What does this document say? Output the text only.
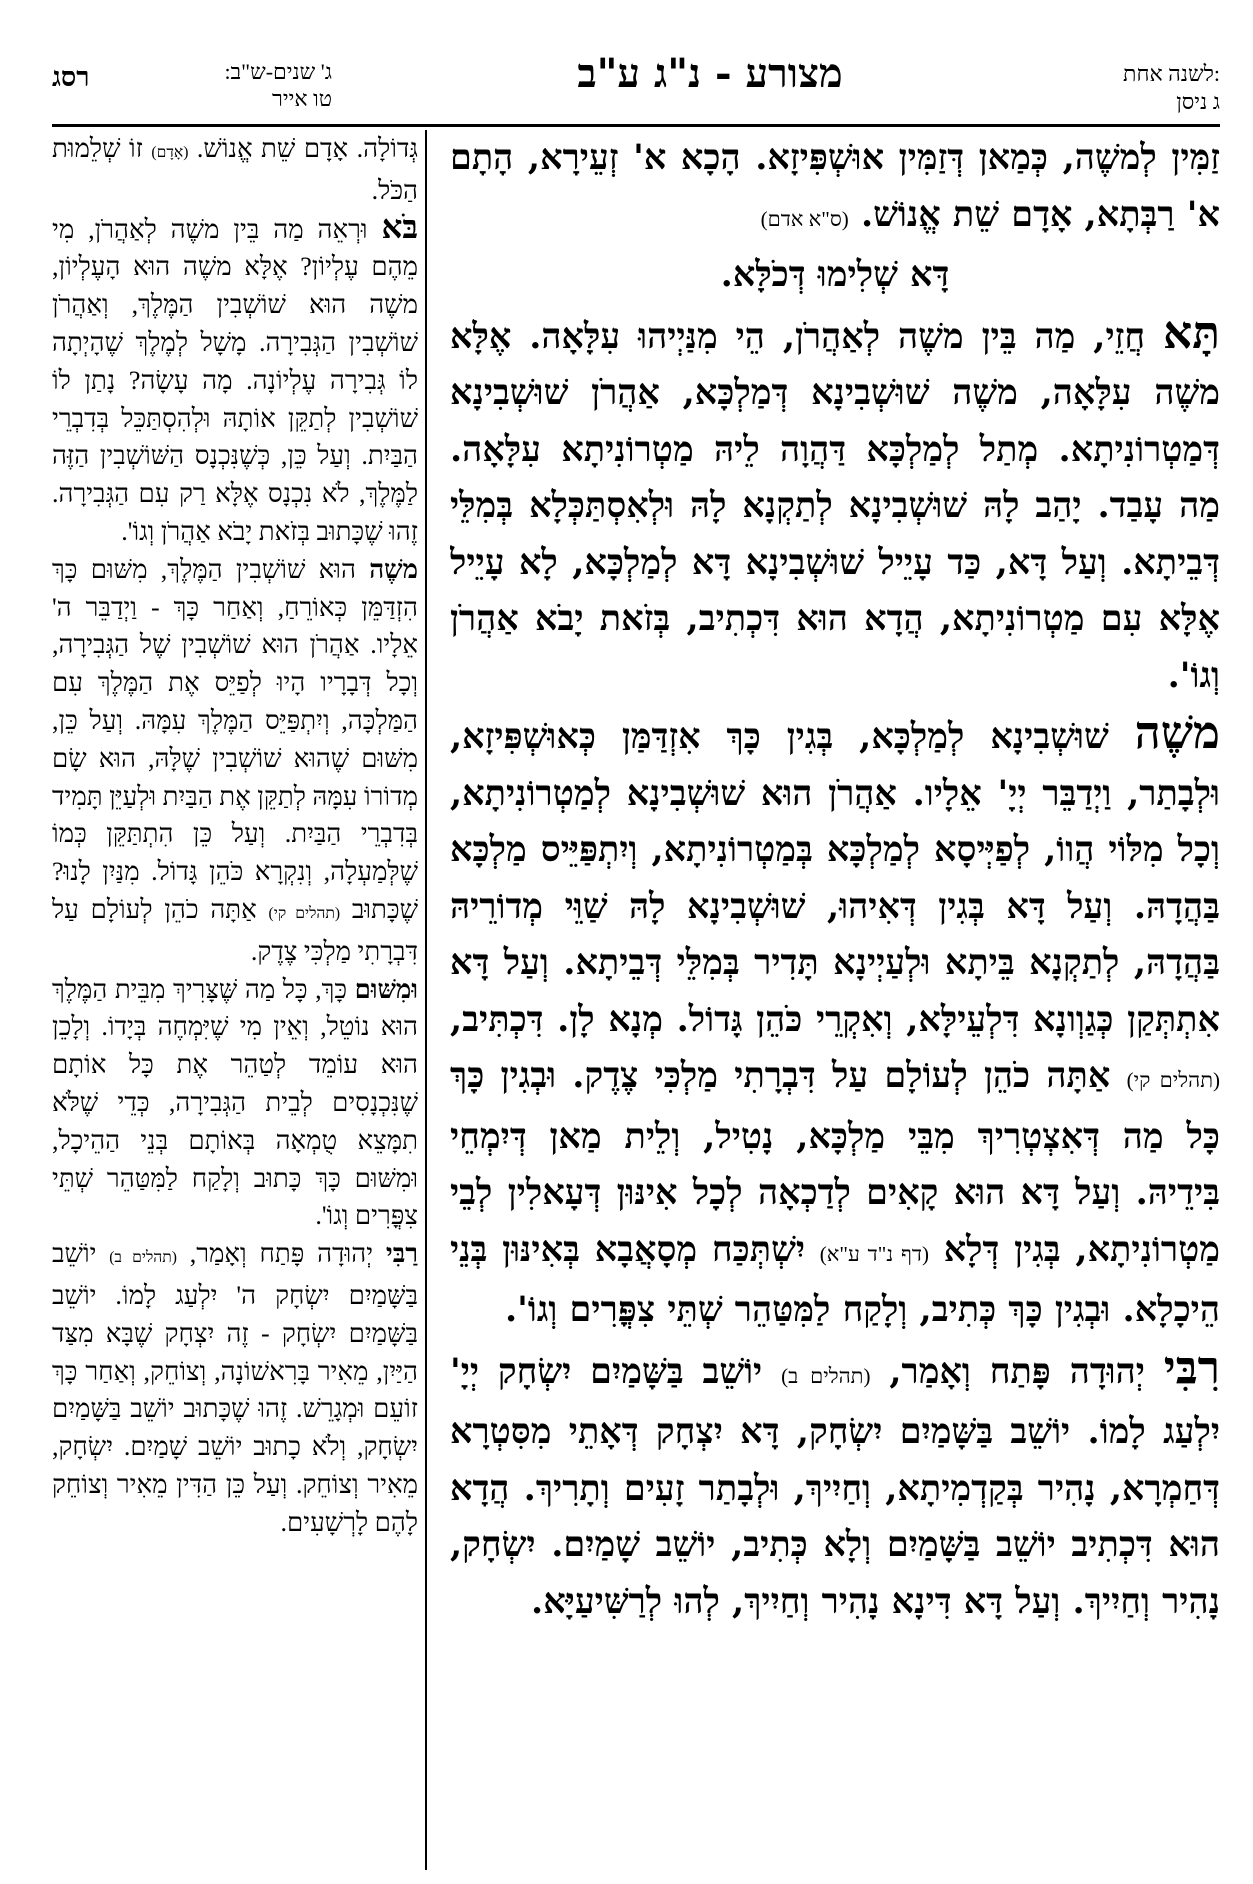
לשנה אחת:
ג ניסן
מצורע - נ"ג ע"ב
ג' שנים-ש"ב:
טו אייר
רסג

זַמִּין לְמשֶׁה, כְּמַאן דְּזַמִּין אוּשְׁפִּיזָא. הָכָא א' זְעֵירָא, הָתָם א' רַבְּתָא, אָדָם שֵׁת אֱנוֹשׁ. (ס"א אדם)

דָּא שְׁלִימוּ דְּכֹלָּא.

תָּא חֲזֵי, מַה בֵּין משֶׁה לְאַהֲרֹן, הֵי מִנַּיְיהוּ עִלָּאָה. אֶלָּא משֶׁה עִלָּאָה, משֶׁה שׁוּשְׁבִינָא דְּמַלְכָּא, אַהֲרֹן שׁוּשְׁבִינָא דְּמַטְרוֹנִיתָא. מְתַל לְמַלְכָּא דַּהֲוָה לֵיהּ מַטְרוֹנִיתָא עִלָּאָה. מַה עָבַד. יָהַב לָהּ שׁוּשְׁבִינָא לְתַקְנָא לָהּ וּלְאִסְתַּכְּלָא בְּמִלֵּי דְּבֵיתָא. וְעַל דָּא, כַּד עָיֵיל שׁוּשְׁבִינָא דָּא לְמַלְכָּא, לָא עָיֵיל אֶלָּא עִם מַטְרוֹנִיתָא, הֲדָא הוּא דִּכְתִיב, בְּזֹאת יָבֹא אַהֲרֹן וְגוֹ'.

משֶׁה שׁוּשְׁבִינָא לְמַלְכָּא, בְּגִין כָּךְ אִזְדַּמַּן כְּאוּשְׁפִּיזָא, וּלְבָתַר, וַיְדַבֵּר יְיָ' אֵלָיו. אַהֲרֹן הוּא שׁוּשְׁבִינָא לְמַטְרוֹנִיתָא, וְכָל מִלּוֹי הֲווֹ, לְפַיְּיסָא לְמַלְכָּא בְּמַטְרוֹנִיתָא, וְיִתְפַּיֵּיס מַלְכָּא בַּהֲדָהּ. וְעַל דָּא בְּגִין דְּאִיהוּ, שׁוּשְׁבִינָא לָהּ שַׁוֵּי מְדוֹרֵיהּ בַּהֲדָהּ, לְתַקְנָא בֵּיתָא וּלְעַיְינָא תָּדִיר בְּמִלֵּי דְּבֵיתָא. וְעַל דָּא אִתְתְּקַן כְּגַוְונָא דִּלְעֵילָּא, וְאִקְרֵי כֹּהֵן גָּדוֹל. מְנָא לָן. דִּכְתִּיב, (תהלים קי) אַתָּה כֹהֵן לְעוֹלָם עַל דִּבְרָתִי מַלְכִּי צֶדֶק. וּבְגִין כָּךְ כָּל מַה דְּאִצְטְרִיךְ מִבֵּי מַלְכָּא, נָטִיל, וְלֵית מַאן דְּיִמְחֵי בִּידֵיהּ. וְעַל דָּא הוּא קָאִים לְדַכְאָה לְכָל אִינּוּן דְּעָאלִין לְבֵי מַטְרוֹנִיתָא, בְּגִין דְּלָא (דף נ"ד ע"א) יִשְׁתְּכַּח מְסָאֲבָא בְּאִינּוּן בְּנֵי הֵיכָלָא. וּבְגִין כָּךְ כְּתִיב, וְלָקַח לַמִּטַּהֵר שְׁתֵּי צִפֳּרִים וְגוֹ'.

רִבִּי יְהוּדָה פָּתַח וְאָמַר, (תהלים ב) יוֹשֵׁב בַּשָּׁמַיִם יִשְׂחָק יְיָ' יִלְעַג לָמוֹ. יוֹשֵׁב בַּשָּׁמַיִם יִשְׂחָק, דָּא יִצְחָק דְּאָתֵי מִסִּטְרָא דְּחַמְרָא, נָהִיר בְּקַדְמִיתָא, וְחַיִיךְ, וּלְבָתַר זָעִים וְתָרִיךְ. הֲדָא הוּא דִּכְתִיב יוֹשֵׁב בַּשָּׁמַיִם וְלָא כְּתִיב, יוֹשֵׁב שָׁמַיִם. יִשְׂחָק, נָהִיר וְחַיִיךְ. וְעַל דָּא דִּינָא נָהִיר וְחַיִיךְ, לְהוּ לְרַשִּׁיעַיָּא.

גְּדוֹלָה. אָדָם שֵׁת אֱנוֹשׁ. (אָדָם) זוֹ שְׁלֵמוּת הַכֹּל.

בֹּא וּרְאֵה מַה בֵּין משֶׁה לְאַהֲרֹן, מִי מֵהֶם עֶלְיוֹן? אֶלָּא משֶׁה הוּא הָעֶלְיוֹן, משֶׁה הוּא שׁוֹשְׁבִין הַמֶּלֶךְ, וְאַהֲרֹן שׁוֹשְׁבִין הַגְּבִירָה. מָשָׁל לְמֶלֶךְ שֶׁהָיְתָה לוֹ גְּבִירָה עֶלְיוֹנָה. מָה עָשָׂה? נָתַן לוֹ שׁוֹשְׁבִין לְתַקֵּן אוֹתָהּ וּלְהִסְתַּכֵּל בְּדִבְרֵי הַבַּיִת. וְעַל כֵּן, כְּשֶׁנִּכְנָס הַשּׁוֹשְׁבִין הַזֶּה לַמֶּלֶךְ, לֹא נִכְנָס אֶלָּא רַק עִם הַגְּבִירָה. זֶהוּ שֶׁכָּתוּב בְּזֹאת יָבֹא אַהֲרֹן וְגוֹ'.

משֶׁה הוּא שׁוֹשְׁבִין הַמֶּלֶךְ, מִשּׁוּם כָּךְ הִזְדַּמֵּן כְּאוֹרֵחַ, וְאַחַר כָּךְ - וַיְדַבֵּר ה' אֵלָיו. אַהֲרֹן הוּא שׁוֹשְׁבִין שֶׁל הַגְּבִירָה, וְכָל דְּבָרָיו הָיוּ לְפַיֵּס אֶת הַמֶּלֶךְ עִם הַמַּלְכָּה, וְיִתְפַּיֵּס הַמֶּלֶךְ עִמָּהּ. וְעַל כֵּן, מִשּׁוּם שֶׁהוּא שׁוֹשְׁבִין שֶׁלָּהּ, הוּא שָׂם מְדוֹרוֹ עִמָּהּ לְתַקֵּן אֶת הַבַּיִת וּלְעַיֵּן תָּמִיד בְּדִבְרֵי הַבַּיִת. וְעַל כֵּן הִתְתַּקֵּן כְּמוֹ שֶׁלְּמַעְלָה, וְנִקְרָא כֹּהֵן גָּדוֹל. מִנַּיִן לָנוּ? שֶׁכָּתוּב (תהלים קי) אַתָּה כֹהֵן לְעוֹלָם עַל דִּבְרָתִי מַלְכִּי צֶדֶק.

וּמִשּׁוּם כָּךְ, כָּל מַה שֶּׁצָּרִיךְ מִבֵּית הַמֶּלֶךְ הוּא נוֹטֵל, וְאֵין מִי שֶׁיִּמְחֶה בְּיָדוֹ. וְלָכֵן הוּא עוֹמֵד לְטַהֵר אֶת כָּל אוֹתָם שֶׁנִּכְנָסִים לְבֵית הַגְּבִירָה, כְּדֵי שֶׁלֹּא תִמָּצֵא טֻמְאָה בְּאוֹתָם בְּנֵי הַהֵיכָל, וּמִשּׁוּם כָּךְ כָּתוּב וְלָקַח לַמִּטַּהֵר שְׁתֵּי צִפֳּרִים וְגוֹ'.

רַבִּי יְהוּדָה פָּתַח וְאָמַר, (תהלים ב) יוֹשֵׁב בַּשָּׁמַיִם יִשְׂחָק ה' יִלְעַג לָמוֹ. יוֹשֵׁב בַּשָּׁמַיִם יִשְׂחָק - זֶה יִצְחָק שֶׁבָּא מִצַּד הַיַּיִן, מֵאִיר בָּרִאשׁוֹנָה, וְצוֹחֵק, וְאַחַר כָּךְ זוֹעֵם וּמְגָרֵשׁ. זֶהוּ שֶׁכָּתוּב יוֹשֵׁב בַּשָּׁמַיִם יִשְׂחָק, וְלֹא כָתוּב יוֹשֵׁב שָׁמַיִם. יִשְׂחָק, מֵאִיר וְצוֹחֵק. וְעַל כֵּן הַדִּין מֵאִיר וְצוֹחֵק לָהֶם לָרְשָׁעִים.
